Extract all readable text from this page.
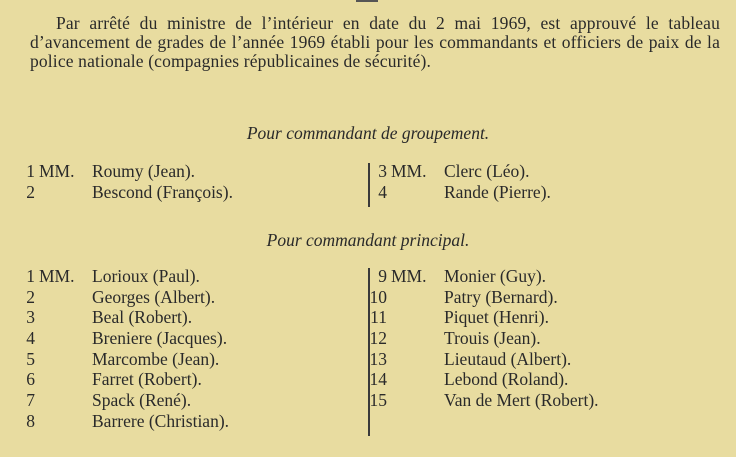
Par arrêté du ministre de l’intérieur en date du 2 mai 1969, est approuvé le tableau d’avancement de grades de l’année 1969 établi pour les commandants et officiers de paix de la police nationale (compagnies républicaines de sécurité).

Pour commandant de groupement.
1 MM. Roumy (Jean).
2	Bescond (François).
3 MM. Clerc (Léo).
4	Rande (Pierre).
Pour commandant principal.
1 MM. Lorioux (Paul).
2	Georges (Albert).
3	Beal (Robert).
4	Breniere (Jacques).
5	Marcombe (Jean).
6	Farret (Robert).
7	Spack (René).
8	Barrere (Christian).
9 MM. Monier (Guy).
10	Patry (Bernard).
11	Piquet (Henri).
12	Trouis (Jean).
13	Lieutaud (Albert).
14	Lebond (Roland).
15	Van de Mert (Robert).
